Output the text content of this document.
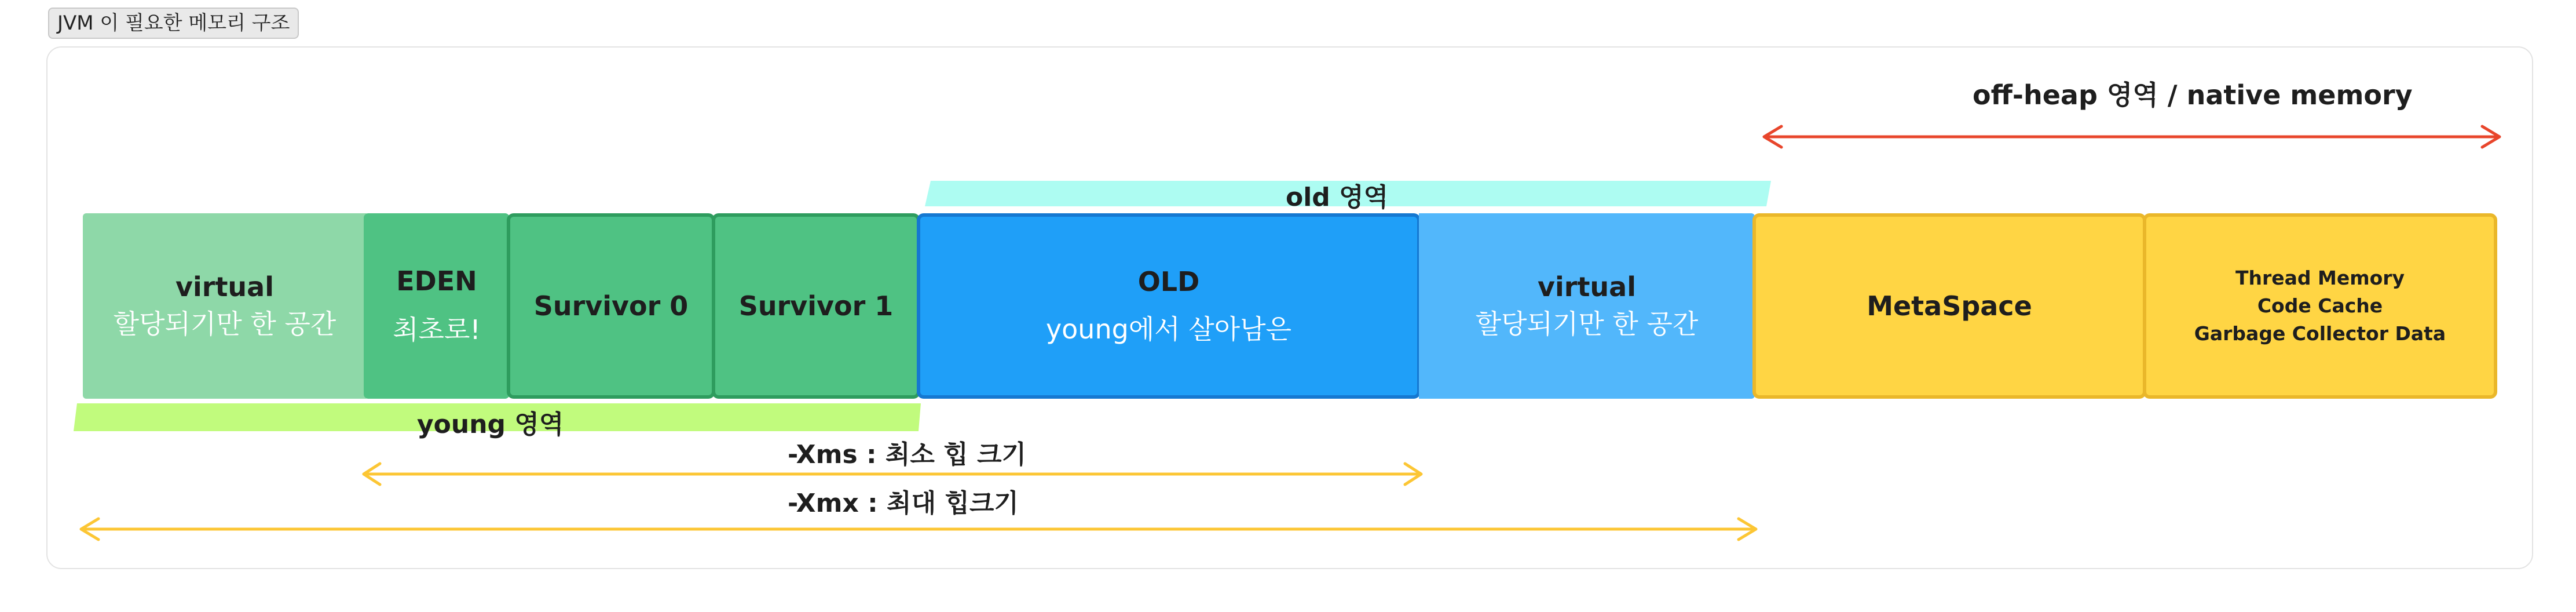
JVM 이 필요한 메모리 구조
virtual
할당되기만 한 공간
EDEN
최초로!
Survivor 0 Survivor 1
OLD
young에서 살아남은
virtual
할당되기만 한 공간
MetaSpace
Thread Memory
Code Cache
Garbage Collector Data
off-heap 영역 / native memory
old 영역
young 영역
-Xms : 최소 힙 크기
-Xmx : 최대 힙크기
